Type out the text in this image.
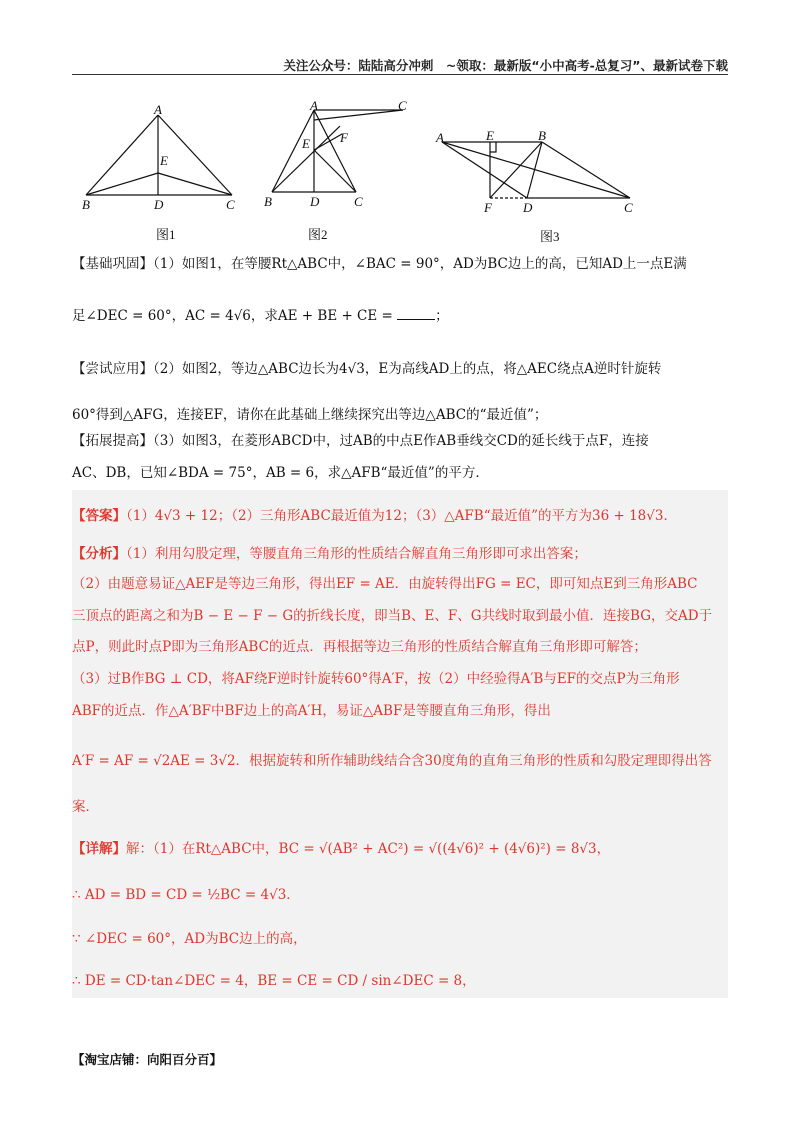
关注公众号：陆陆高分冲刺　~领取：最新版“小中高考-总复习”、最新试卷下载
A
B	C
D
E
图1
A	C
E F
B	D	C
图2
A	E	B
F D	C
图3
【基础巩固】（1）如图1，在等腰Rt△ABC中，∠BAC = 90°，AD为BC边上的高，已知AD上一点E满
足∠DEC = 60°，AC = 4√6，求AE + BE + CE =	；
【尝试应用】（2）如图2，等边△ABC边长为4√3，E为高线AD上的点，将△AEC绕点A逆时针旋转
60°得到△AFG，连接EF，请你在此基础上继续探究出等边△ABC的“最近值”；
【拓展提高】（3）如图3，在菱形ABCD中，过AB的中点E作AB垂线交CD的延长线于点F，连接
AC、DB，已知∠BDA = 75°，AB = 6，求△AFB“最近值”的平方．
【答案】（1）4√3 + 12；（2）三角形ABC最近值为12；（3）△AFB“最近值”的平方为36 + 18√3．
【分析】（1）利用勾股定理，等腰直角三角形的性质结合解直角三角形即可求出答案；
（2）由题意易证△AEF是等边三角形，得出EF = AE．由旋转得出FG = EC，即可知点E到三角形ABC
三顶点的距离之和为B − E − F − G的折线长度，即当B、E、F、G共线时取到最小值．连接BG，交AD于
点P，则此时点P即为三角形ABC的近点．再根据等边三角形的性质结合解直角三角形即可解答；
（3）过B作BG ⊥ CD，将AF绕F逆时针旋转60°得A′F，按（2）中经验得A′B与EF的交点P为三角形
ABF的近点．作△A′BF中BF边上的高A′H，易证△ABF是等腰直角三角形，得出
A′F = AF = √2AE = 3√2．根据旋转和所作辅助线结合含30度角的直角三角形的性质和勾股定理即得出答
案．
【详解】解：（1）在Rt△ABC中，BC = √(AB² + AC²) = √((4√6)² + (4√6)²) = 8√3，
∴ AD = BD = CD = ½BC = 4√3．
∵ ∠DEC = 60°，AD为BC边上的高，
∴ DE = CD·tan∠DEC = 4，BE = CE = CD / sin∠DEC = 8，
【淘宝店铺：向阳百分百】
